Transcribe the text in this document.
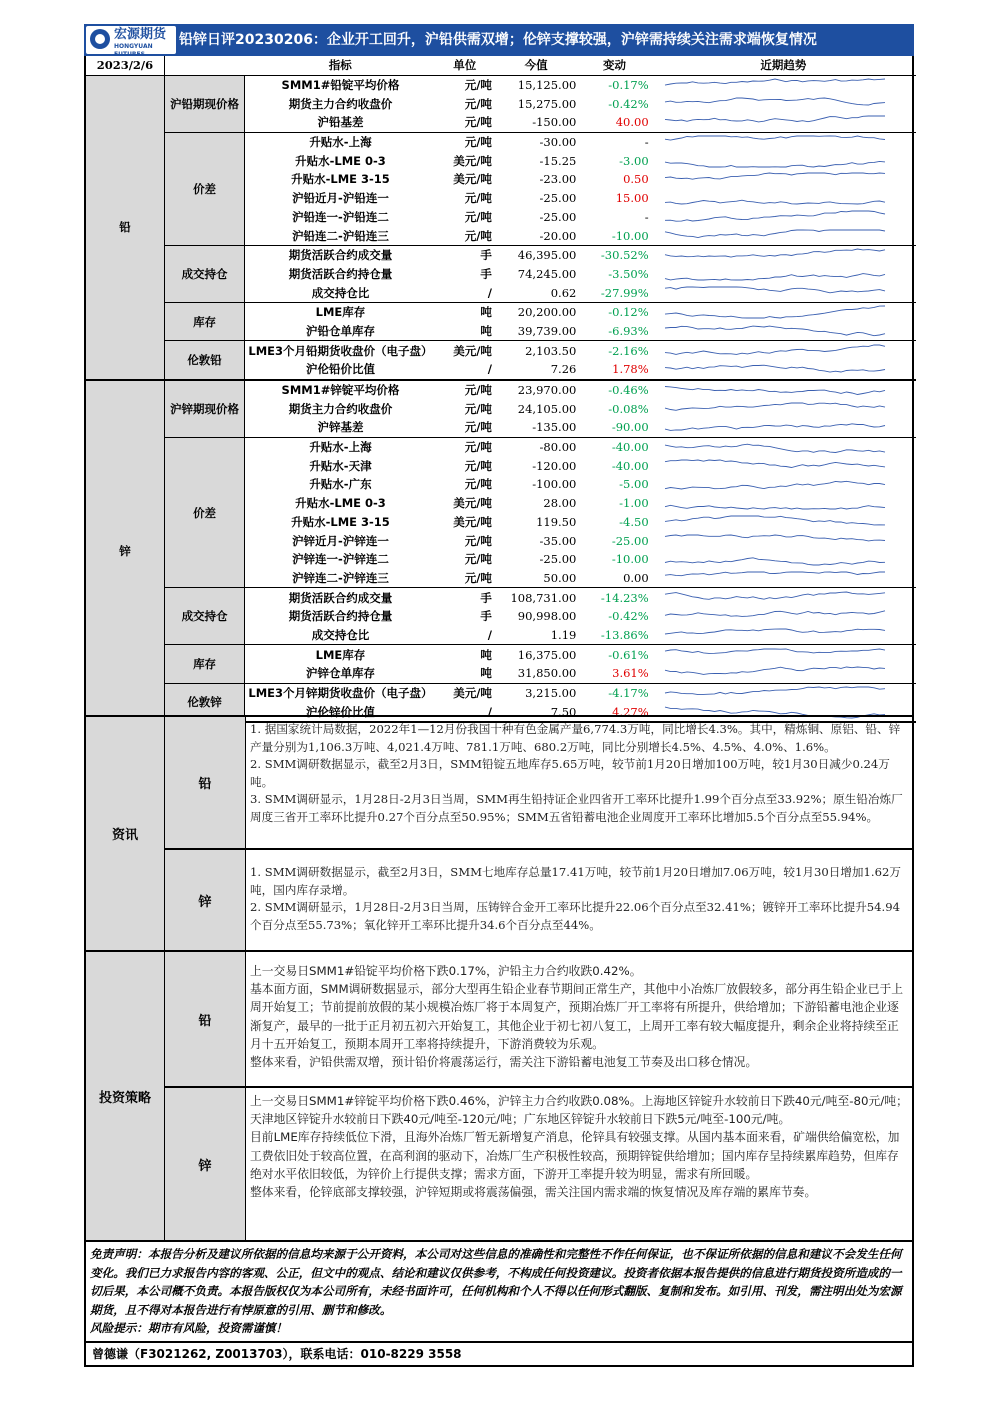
宏源期货
HONGYUAN FUTURES
铅锌日评20230206：企业开工回升，沪铅供需双增；伦锌支撑较强，沪锌需持续关注需求端恢复情况
2023/2/6		指标	单位	今值	变动	近期趋势
铅	沪铅期现价格	SMM1#铅锭平均价格	元/吨	15,125.00	-0.17%	

		期货主力合约收盘价	元/吨	15,275.00	-0.42%	

		沪铅基差	元/吨	-150.00	40.00	

	价差	升贴水-上海	元/吨	-30.00	-	

		升贴水-LME 0-3	美元/吨	-15.25	-3.00	

		升贴水-LME 3-15	美元/吨	-23.00	0.50	

		沪铅近月-沪铅连一	元/吨	-25.00	15.00	

		沪铅连一-沪铅连二	元/吨	-25.00	-	

		沪铅连二-沪铅连三	元/吨	-20.00	-10.00	

	成交持仓	期货活跃合约成交量	手	46,395.00	-30.52%	

		期货活跃合约持仓量	手	74,245.00	-3.50%	

		成交持仓比	/	0.62	-27.99%	

	库存	LME库存	吨	20,200.00	-0.12%	

		沪铅仓单库存	吨	39,739.00	-6.93%	

	伦敦铅	LME3个月铅期货收盘价（电子盘）	美元/吨	2,103.50	-2.16%	

		沪伦铅价比值	/	7.26	1.78%	

锌	沪锌期现价格	SMM1#锌锭平均价格	元/吨	23,970.00	-0.46%	

		期货主力合约收盘价	元/吨	24,105.00	-0.08%	

		沪锌基差	元/吨	-135.00	-90.00	

	价差	升贴水-上海	元/吨	-80.00	-40.00	

		升贴水-天津	元/吨	-120.00	-40.00	

		升贴水-广东	元/吨	-100.00	-5.00	

		升贴水-LME 0-3	美元/吨	28.00	-1.00	

		升贴水-LME 3-15	美元/吨	119.50	-4.50	

		沪锌近月-沪锌连一	元/吨	-35.00	-25.00	

		沪锌连一-沪锌连二	元/吨	-25.00	-10.00	

		沪锌连二-沪锌连三	元/吨	50.00	0.00	

	成交持仓	期货活跃合约成交量	手	108,731.00	-14.23%	

		期货活跃合约持仓量	手	90,998.00	-0.42%	

		成交持仓比	/	1.19	-13.86%	

	库存	LME库存	吨	16,375.00	-0.61%	

		沪锌仓单库存	吨	31,850.00	3.61%	

	伦敦锌	LME3个月锌期货收盘价（电子盘）	美元/吨	3,215.00	-4.17%	

		沪伦锌价比值	/	7.50	4.27%	
资讯
铅

1. 据国家统计局数据，2022年1—12月份我国十种有色金属产量6,774.3万吨，同比增长4.3%。其中，精炼铜、原铝、铅、锌产量分别为1,106.3万吨、4,021.4万吨、781.1万吨、680.2万吨，同比分别增长4.5%、4.5%、4.0%、1.6%。

2. SMM调研数据显示，截至2月3日，SMM铅锭五地库存5.65万吨，较节前1月20日增加100万吨，较1月30日减少0.24万吨。

3. SMM调研显示，1月28日-2月3日当周，SMM再生铅持证企业四省开工率环比提升1.99个百分点至33.92%；原生铅冶炼厂周度三省开工率环比提升0.27个百分点至50.95%；SMM五省铅蓄电池企业周度开工率环比增加5.5个百分点至55.94%。

锌

1. SMM调研数据显示，截至2月3日，SMM七地库存总量17.41万吨，较节前1月20日增加7.06万吨，较1月30日增加1.62万吨，国内库存录增。

2. SMM调研显示，1月28日-2月3日当周，压铸锌合金开工率环比提升22.06个百分点至32.41%；镀锌开工率环比提升54.94个百分点至55.73%；氧化锌开工率环比提升34.6个百分点至44%。

投资策略
铅

上一交易日SMM1#铅锭平均价格下跌0.17%，沪铅主力合约收跌0.42%。

基本面方面，SMM调研数据显示，部分大型再生铅企业春节期间正常生产，其他中小冶炼厂放假较多，部分再生铅企业已于上周开始复工；节前提前放假的某小规模冶炼厂将于本周复产，预期冶炼厂开工率将有所提升，供给增加；下游铅蓄电池企业逐渐复产，最早的一批于正月初五初六开始复工，其他企业于初七初八复工，上周开工率有较大幅度提升，剩余企业将持续至正月十五开始复工，预期本周开工率将持续提升，下游消费较为乐观。

整体来看，沪铅供需双增，预计铅价将震荡运行，需关注下游铅蓄电池复工节奏及出口移仓情况。

锌

上一交易日SMM1#锌锭平均价格下跌0.46%，沪锌主力合约收跌0.08%。上海地区锌锭升水较前日下跌40元/吨至-80元/吨；天津地区锌锭升水较前日下跌40元/吨至-120元/吨；广东地区锌锭升水较前日下跌5元/吨至-100元/吨。

目前LME库存持续低位下滑，且海外冶炼厂暂无新增复产消息，伦锌具有较强支撑。从国内基本面来看，矿端供给偏宽松，加工费依旧处于较高位置，在高利润的驱动下，冶炼厂生产积极性较高，预期锌锭供给增加；国内库存呈持续累库趋势，但库存绝对水平依旧较低，为锌价上行提供支撑；需求方面，下游开工率提升较为明显，需求有所回暖。

整体来看，伦锌底部支撑较强，沪锌短期或将震荡偏强，需关注国内需求端的恢复情况及库存端的累库节奏。

免责声明：本报告分析及建议所依据的信息均来源于公开资料，本公司对这些信息的准确性和完整性不作任何保证，也不保证所依据的信息和建议不会发生任何变化。我们已力求报告内容的客观、公正，但文中的观点、结论和建议仅供参考，不构成任何投资建议。投资者依据本报告提供的信息进行期货投资所造成的一切后果，本公司概不负责。本报告版权仅为本公司所有，未经书面许可，任何机构和个人不得以任何形式翻版、复制和发布。如引用、刊发，需注明出处为宏源期货，且不得对本报告进行有悖原意的引用、删节和修改。

风险提示：期市有风险，投资需谨慎！

曾德谦（F3021262, Z0013703），联系电话：010-8229 3558
